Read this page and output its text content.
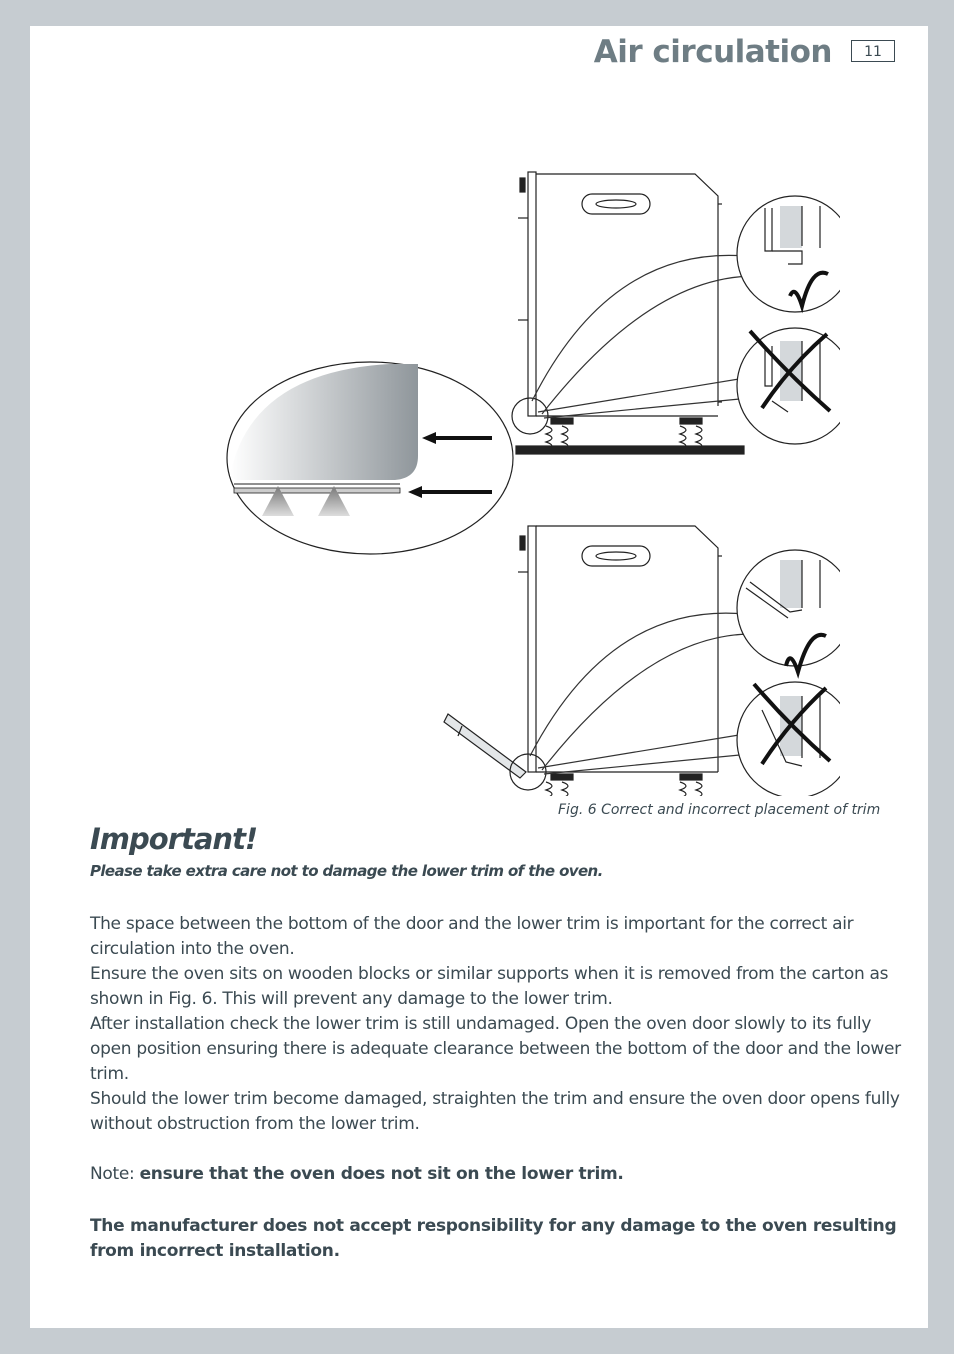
Air circulation	11
Fig. 6 Correct and incorrect placement of trim
Important!
Please take extra care not to damage the lower trim of the oven.

The space between the bottom of the door and the lower trim is important for the correct air circulation into the oven.

Ensure the oven sits on wooden blocks or similar supports when it is removed from the carton as shown in Fig. 6. This will prevent any damage to the lower trim.

After installation check the lower trim is still undamaged. Open the oven door slowly to its fully open position ensuring there is adequate clearance between the bottom of the door and the lower trim.

Should the lower trim become damaged, straighten the trim and ensure the oven door opens fully without obstruction from the lower trim.

Note: ensure that the oven does not sit on the lower trim.

The manufacturer does not accept responsibility for any damage to the oven resulting from incorrect installation.
